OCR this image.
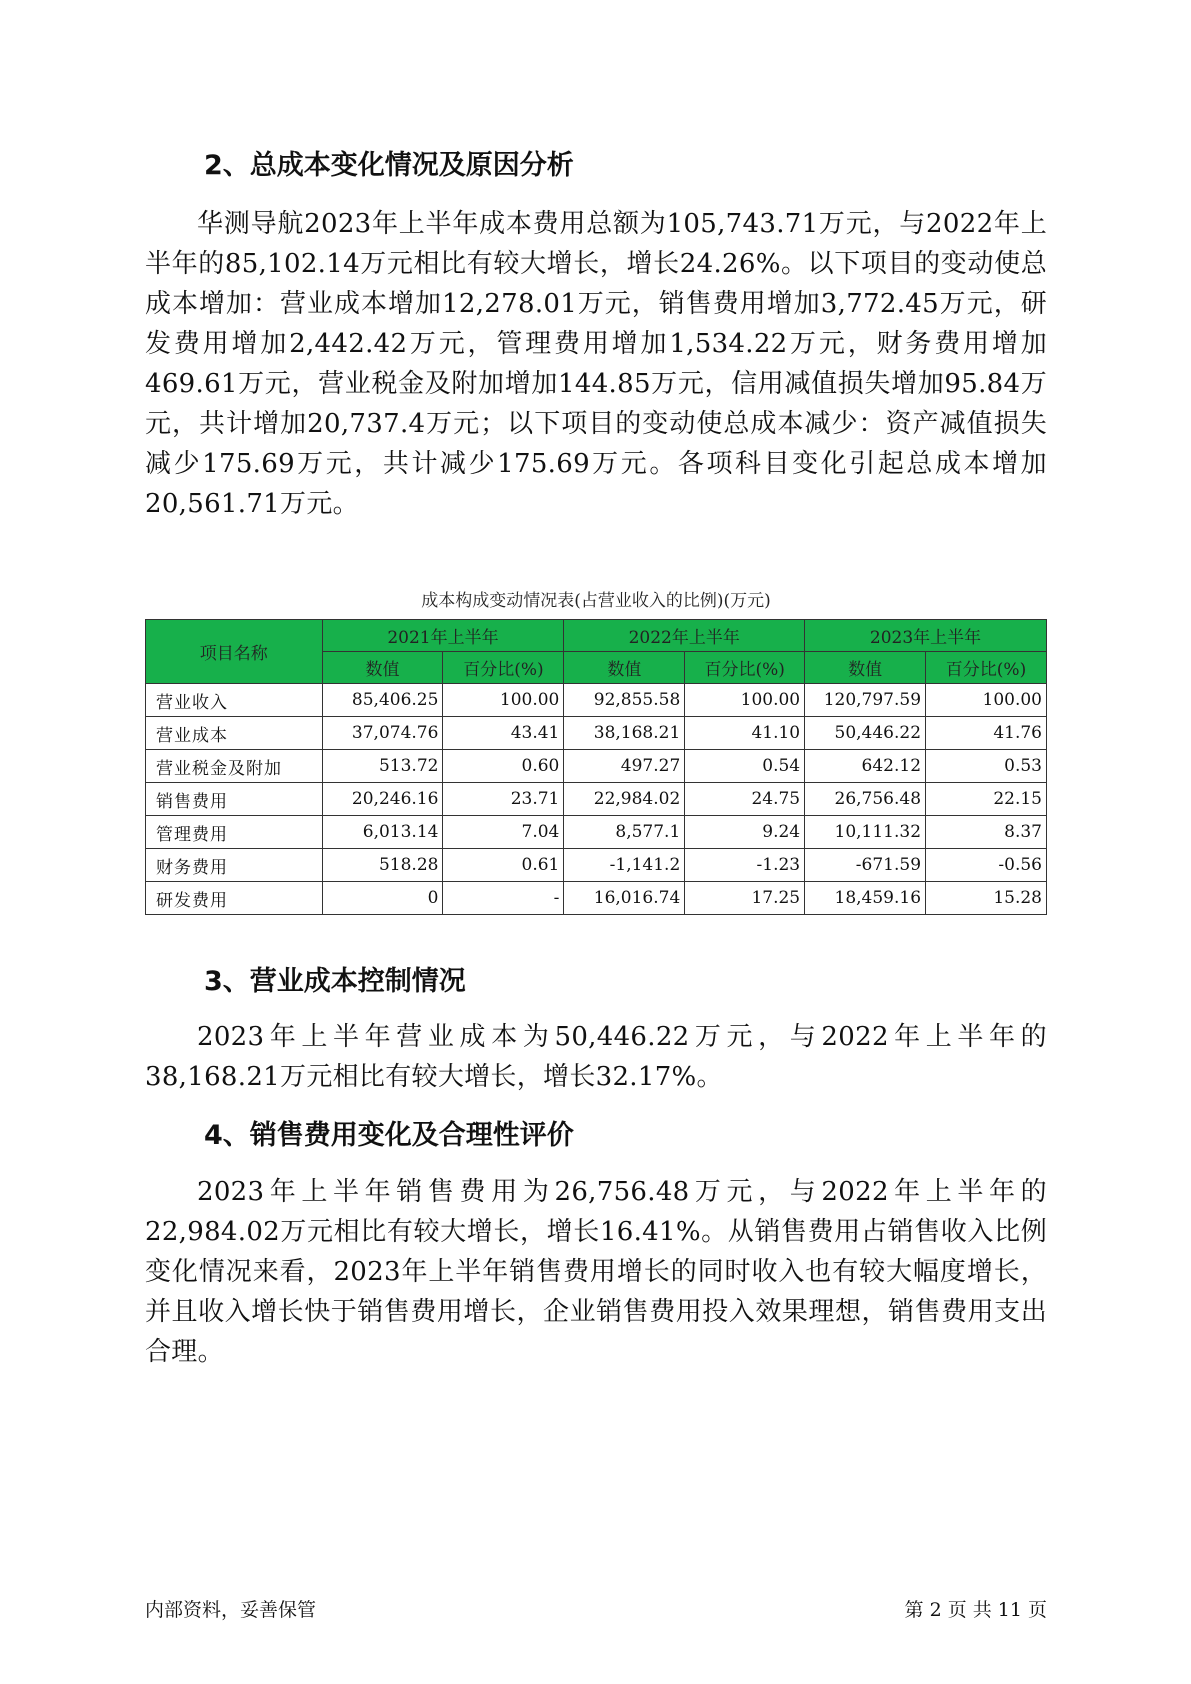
2、总成本变化情况及原因分析

华测导航2023年上半年成本费用总额为105,743.71万元，与2022年上半年的85,102.14万元相比有较大增长，增长24.26%。以下项目的变动使总成本增加：营业成本增加12,278.01万元，销售费用增加3,772.45万元，研发费用增加2,442.42万元，管理费用增加1,534.22万元，财务费用增加469.61万元，营业税金及附加增加144.85万元，信用减值损失增加95.84万元，共计增加20,737.4万元；以下项目的变动使总成本减少：资产减值损失减少175.69万元，共计减少175.69万元。各项科目变化引起总成本增加20,561.71万元。

成本构成变动情况表(占营业收入的比例)(万元)

项目名称	2021年上半年		2022年上半年		2023年上半年	
	数值	百分比(%)	数值	百分比(%)	数值	百分比(%)
营业收入	85,406.25	100.00	92,855.58	100.00	120,797.59	100.00
营业成本	37,074.76	43.41	38,168.21	41.10	50,446.22	41.76
营业税金及附加	513.72	0.60	497.27	0.54	642.12	0.53
销售费用	20,246.16	23.71	22,984.02	24.75	26,756.48	22.15
管理费用	6,013.14	7.04	8,577.1	9.24	10,111.32	8.37
财务费用	518.28	0.61	-1,141.2	-1.23	-671.59	-0.56
研发费用	0	-	16,016.74	17.25	18,459.16	15.28
3、营业成本控制情况

2023年上半年营业成本为50,446.22万元，与2022年上半年的38,168.21万元相比有较大增长，增长32.17%。

4、销售费用变化及合理性评价

2023年上半年销售费用为26,756.48万元，与2022年上半年的22,984.02万元相比有较大增长，增长16.41%。从销售费用占销售收入比例变化情况来看，2023年上半年销售费用增长的同时收入也有较大幅度增长，并且收入增长快于销售费用增长，企业销售费用投入效果理想，销售费用支出合理。

内部资料，妥善保管	第 2 页 共 11 页
